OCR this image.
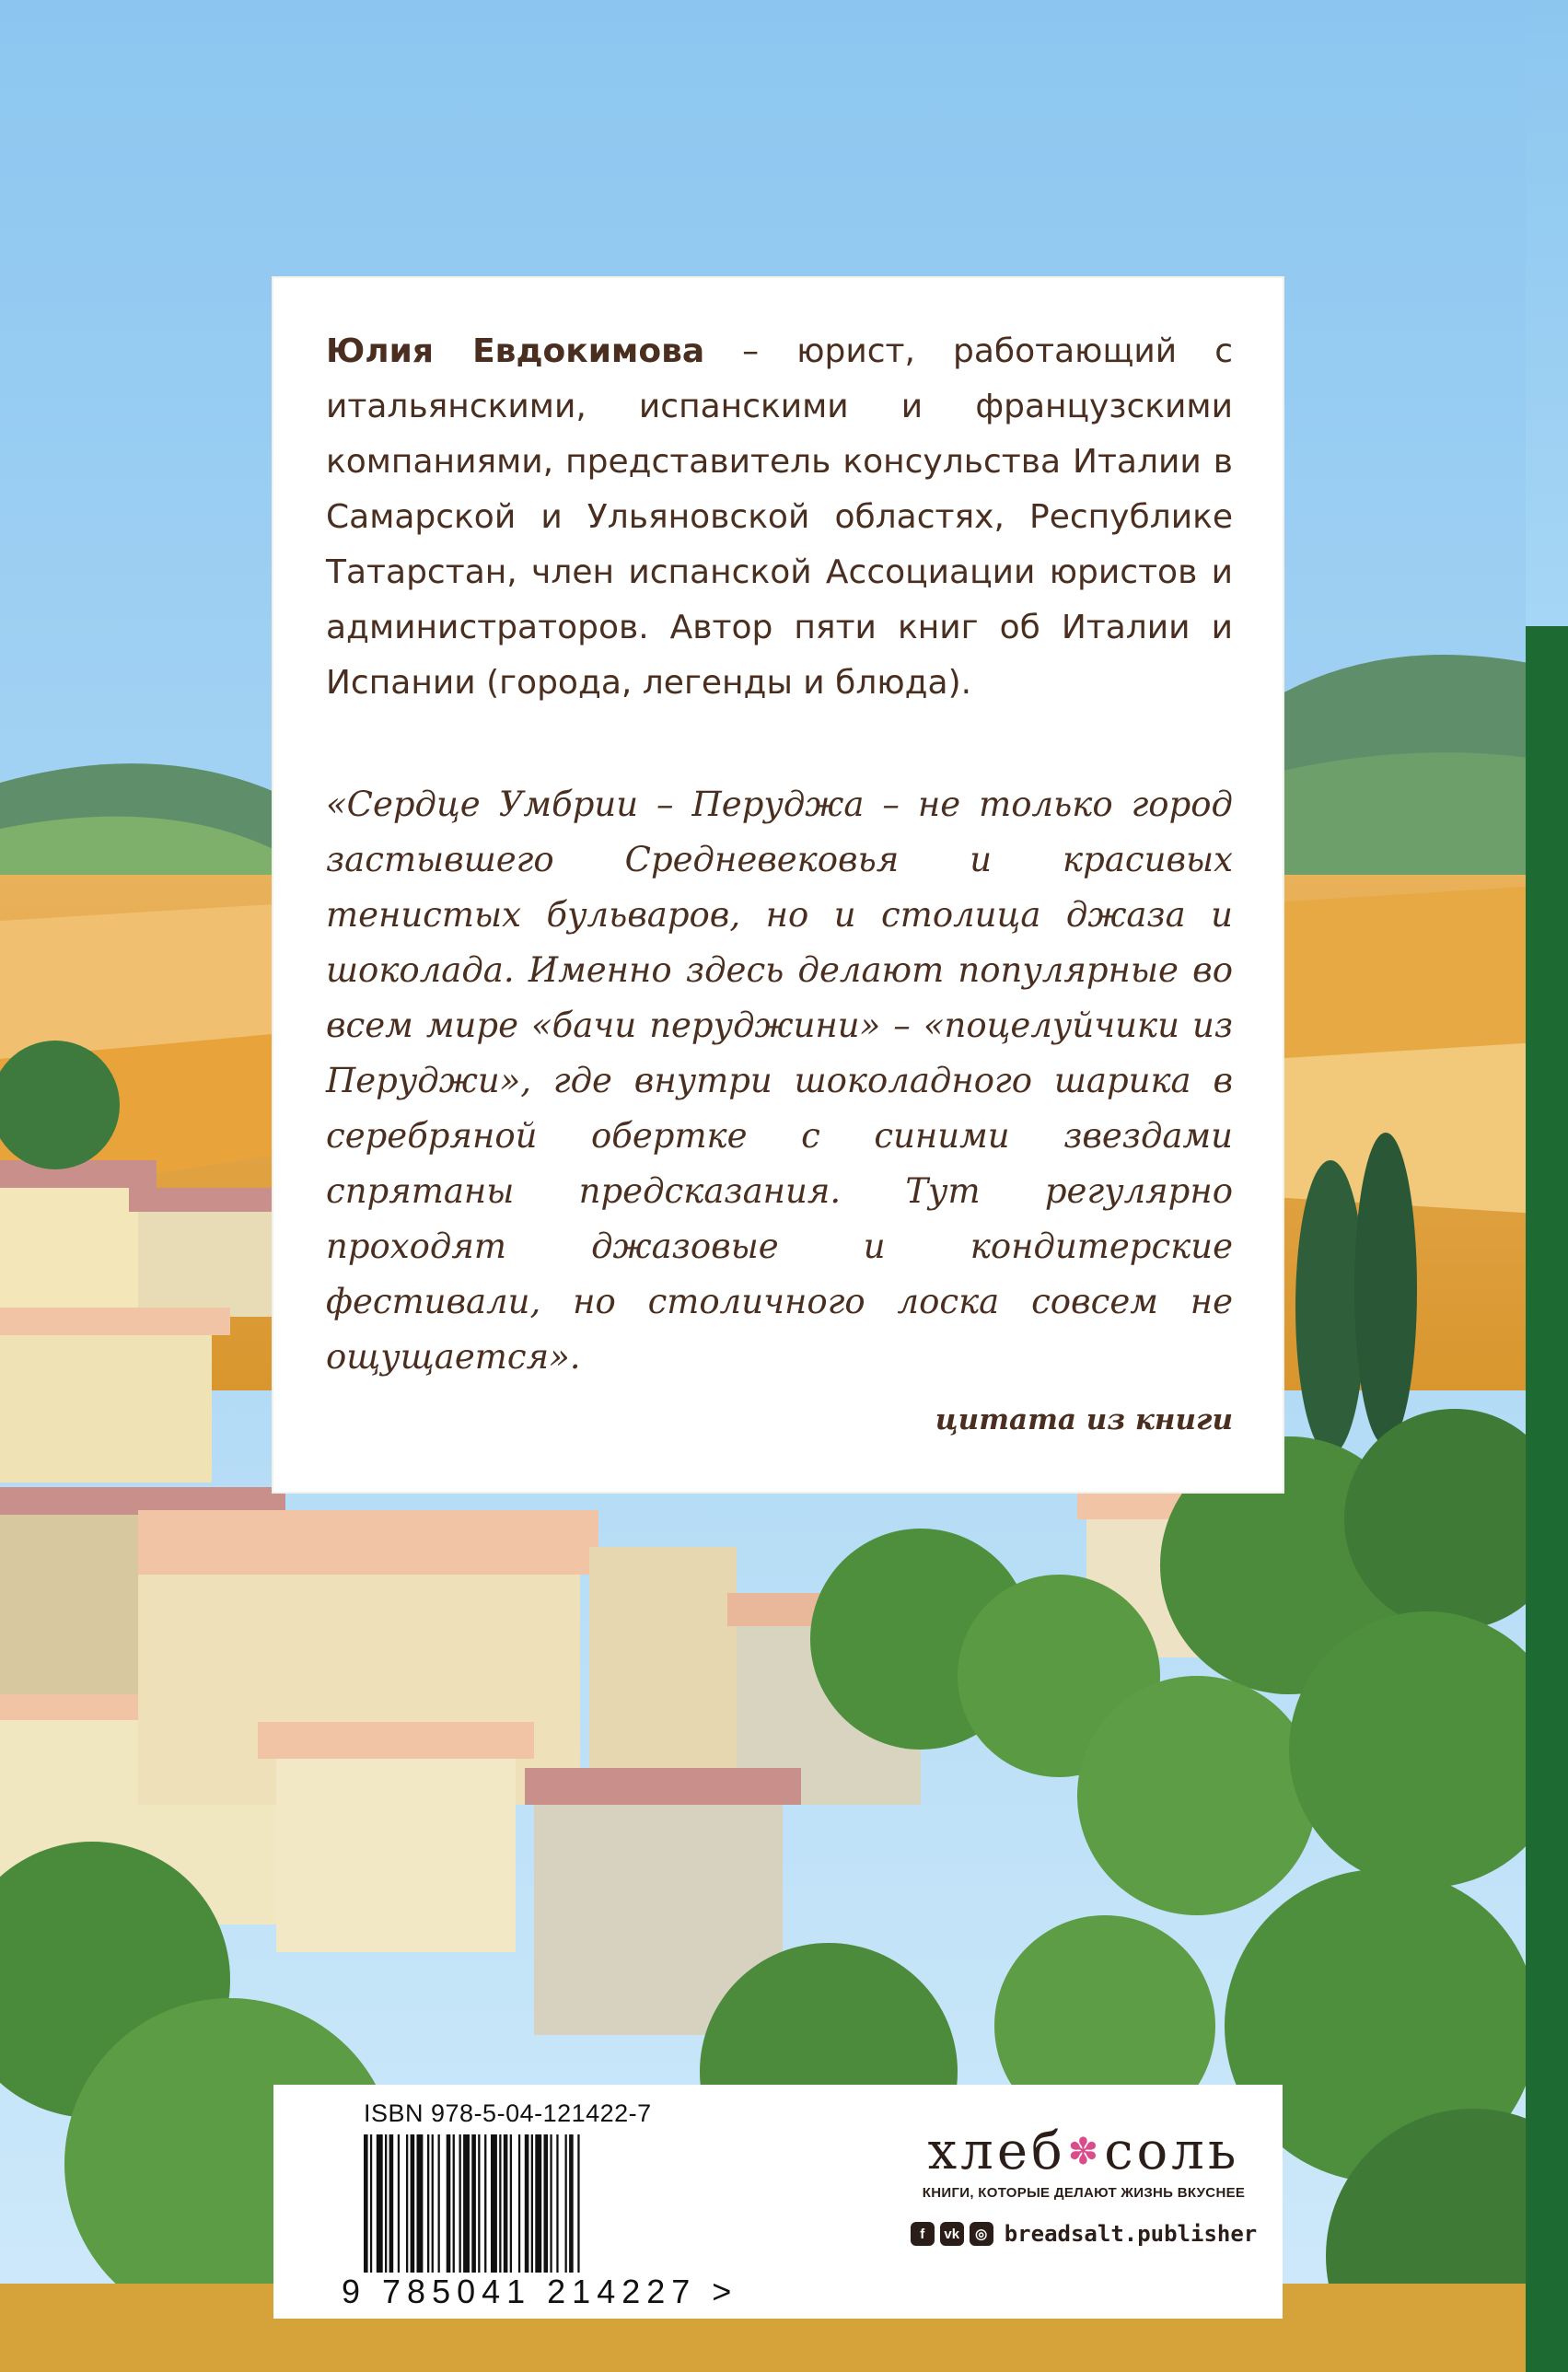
Юлия Евдокимова – юрист, работающий с итальянскими, испанскими и французскими компаниями, представитель консульства Италии в Самарской и Ульяновской областях, Республике Татарстан, член испанской Ассоциации юристов и администраторов. Автор пяти книг об Италии и Испании (города, легенды и блюда).

«Сердце Умбрии – Перуджа – не только город застывшего Средневековья и красивых тенистых бульваров, но и столица джаза и шоколада. Именно здесь делают популярные во всем мире «бачи перуджини» – «поцелуйчики из Перуджи», где внутри шоколадного шарика в серебряной обертке с синими звездами спрятаны предсказания. Тут регулярно проходят джазовые и кондитерские фестивали, но столичного лоска совсем не ощущается».

цитата из книги

ISBN 978-5-04-121422-7
9 785041 214227 >
хлеб ✽ соль
КНИГИ, КОТОРЫЕ ДЕЛАЮТ ЖИЗНЬ ВКУСНЕЕ
f	vk	◎ breadsalt.publisher
